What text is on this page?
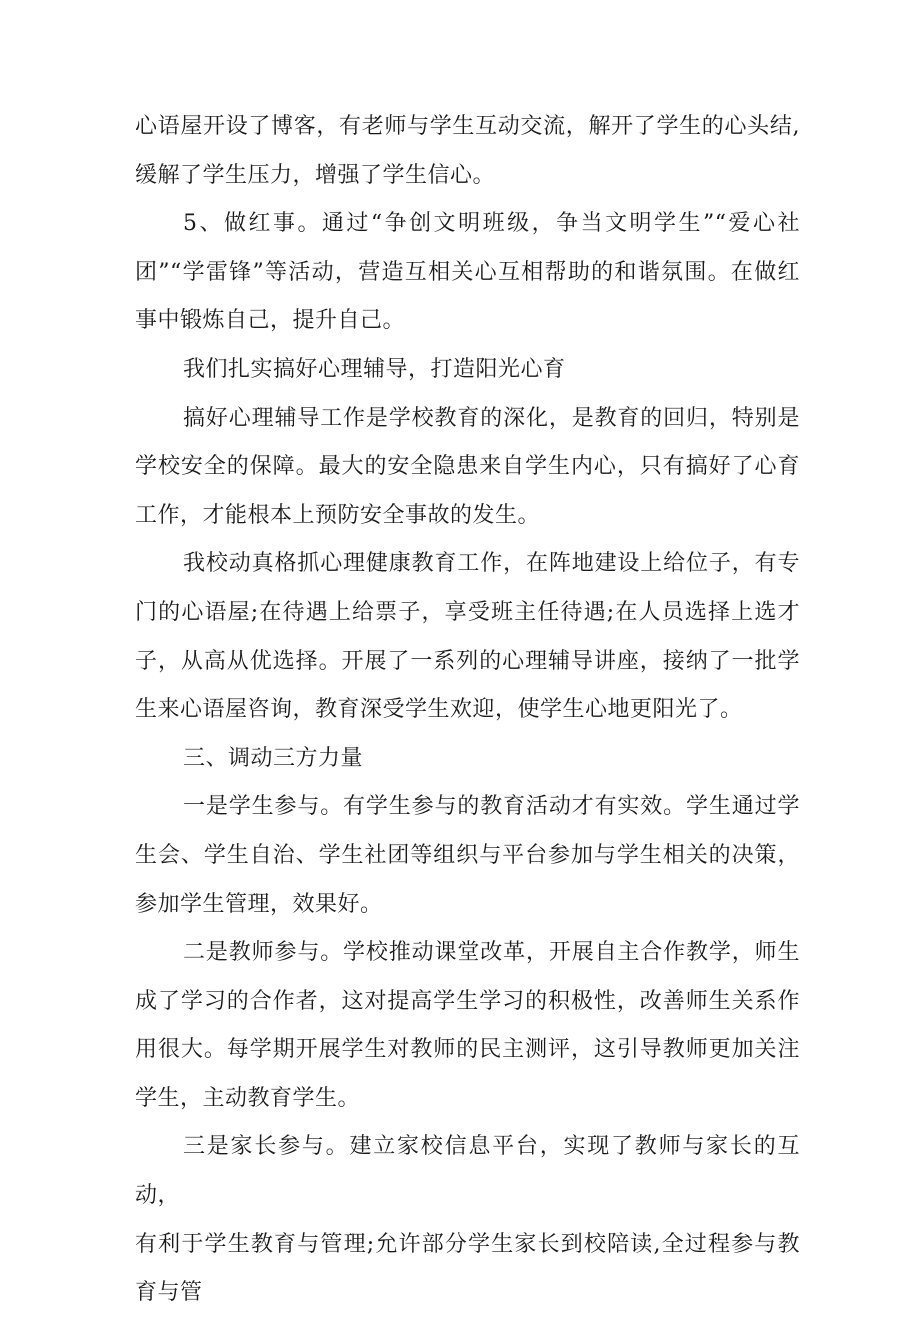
心语屋开设了博客，有老师与学生互动交流，解开了学生的心头结,缓解了学生压力，增强了学生信心。

5、做红事。通过“争创文明班级，争当文明学生”“爱心社团”“学雷锋”等活动，营造互相关心互相帮助的和谐氛围。在做红事中锻炼自己，提升自己。

我们扎实搞好心理辅导，打造阳光心育

搞好心理辅导工作是学校教育的深化，是教育的回归，特别是学校安全的保障。最大的安全隐患来自学生内心，只有搞好了心育工作，才能根本上预防安全事故的发生。

我校动真格抓心理健康教育工作，在阵地建设上给位子，有专门的心语屋;在待遇上给票子，享受班主任待遇;在人员选择上选才子，从高从优选择。开展了一系列的心理辅导讲座，接纳了一批学生来心语屋咨询，教育深受学生欢迎，使学生心地更阳光了。

三、调动三方力量

一是学生参与。有学生参与的教育活动才有实效。学生通过学生会、学生自治、学生社团等组织与平台参加与学生相关的决策，参加学生管理，效果好。

二是教师参与。学校推动课堂改革，开展自主合作教学，师生成了学习的合作者，这对提高学生学习的积极性，改善师生关系作用很大。每学期开展学生对教师的民主测评，这引导教师更加关注学生，主动教育学生。

三是家长参与。建立家校信息平台，实现了教师与家长的互动，

有利于学生教育与管理;允许部分学生家长到校陪读,全过程参与教育与管
